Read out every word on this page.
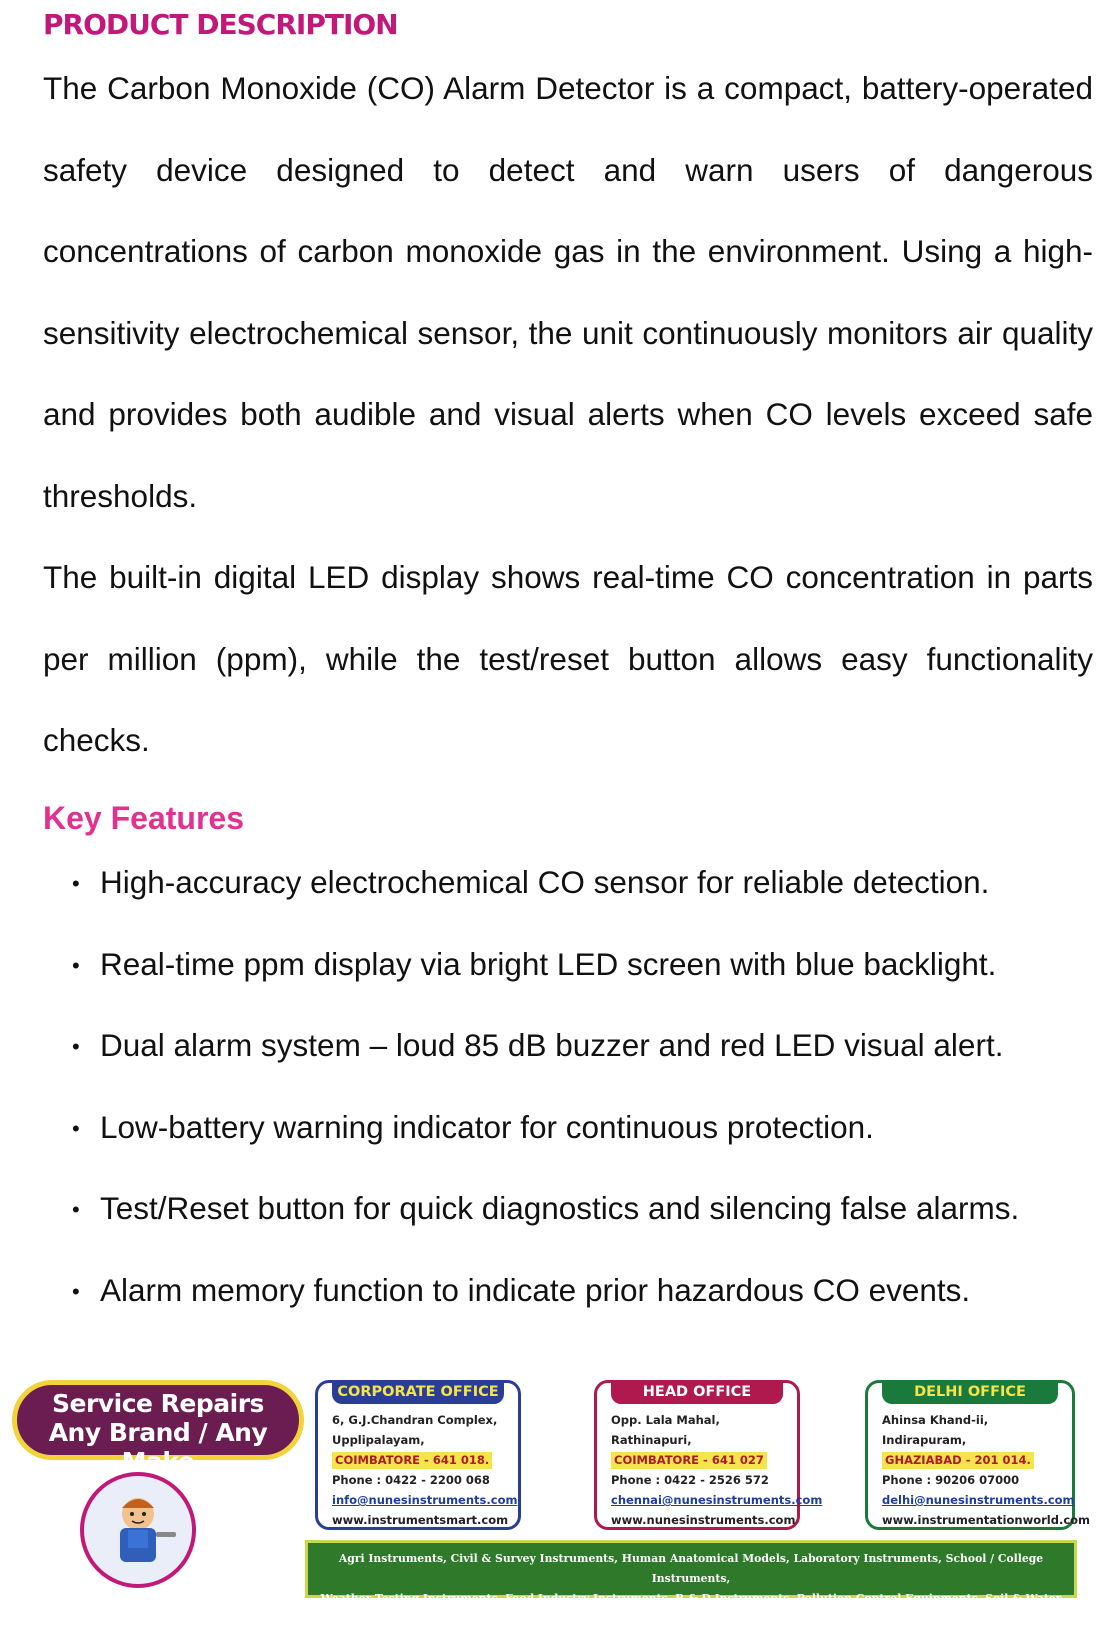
PRODUCT DESCRIPTION

The Carbon Monoxide (CO) Alarm Detector is a compact, battery-operated safety device designed to detect and warn users of dangerous concentrations of carbon monoxide gas in the environment. Using a high-sensitivity electrochemical sensor, the unit continuously monitors air quality and provides both audible and visual alerts when CO levels exceed safe thresholds.

The built-in digital LED display shows real-time CO concentration in parts per million (ppm), while the test/reset button allows easy functionality checks.

Key Features
• High-accuracy electrochemical CO sensor for reliable detection.
• Real-time ppm display via bright LED screen with blue backlight.
• Dual alarm system – loud 85 dB buzzer and red LED visual alert.
• Low-battery warning indicator for continuous protection.
• Test/Reset button for quick diagnostics and silencing false alarms.
• Alarm memory function to indicate prior hazardous CO events.
Service Repairs
Any Brand / Any Make
CORPORATE OFFICE
6, G.J.Chandran Complex,
Upplipalayam,
COIMBATORE - 641 018.
Phone : 0422 - 2200 068
info@nunesinstruments.com
www.instrumentsmart.com
HEAD OFFICE
Opp. Lala Mahal,
Rathinapuri,
COIMBATORE - 641 027
Phone : 0422 - 2526 572
chennai@nunesinstruments.com
www.nunesinstruments.com
DELHI OFFICE
Ahinsa Khand-ii,
Indirapuram,
GHAZIABAD - 201 014.
Phone : 90206 07000
delhi@nunesinstruments.com
www.instrumentationworld.com
Agri Instruments, Civil & Survey Instruments, Human Anatomical Models, Laboratory Instruments, School / College Instruments,
Weather Testing Instruments, Food Industry Instruments, R & D Instruments, Pollution Control Equipments, Soil & Water Tester Equipments
